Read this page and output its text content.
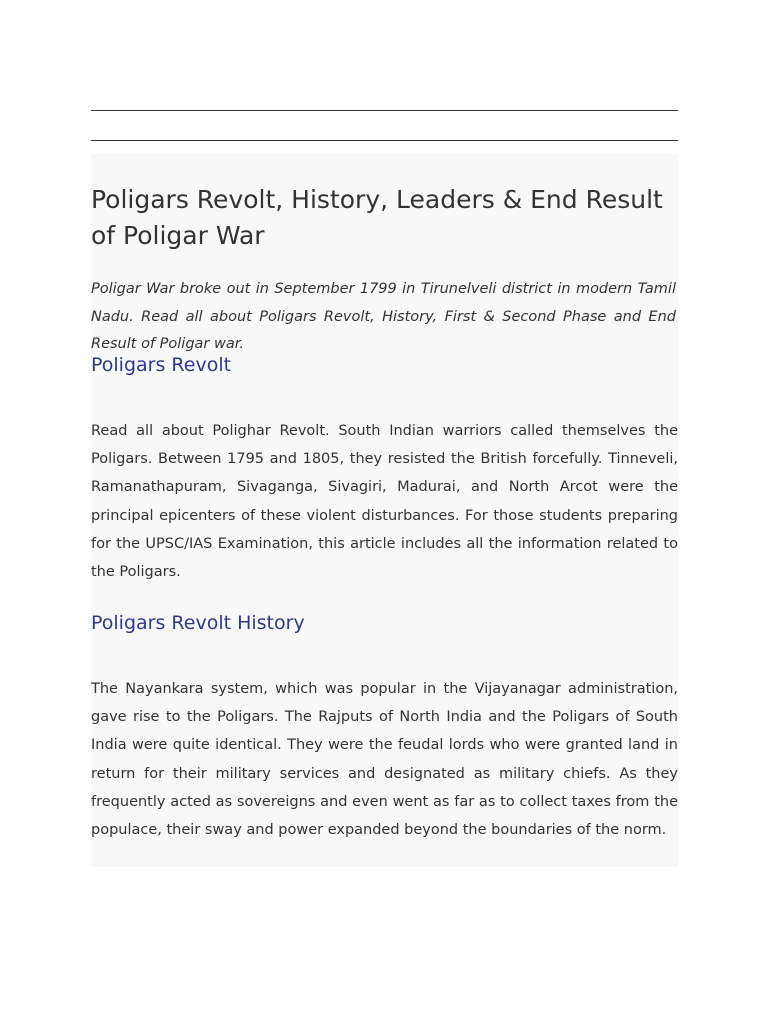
Poligars Revolt, History, Leaders & End Result of Poligar War

Poligar War broke out in September 1799 in Tirunelveli district in modern Tamil Nadu. Read all about Poligars Revolt, History, First & Second Phase and End Result of Poligar war.

Poligars Revolt

Read all about Polighar Revolt. South Indian warriors called themselves the Poligars. Between 1795 and 1805, they resisted the British forcefully. Tinneveli, Ramanathapuram, Sivaganga, Sivagiri, Madurai, and North Arcot were the principal epicenters of these violent disturbances. For those students preparing for the UPSC/IAS Examination, this article includes all the information related to the Poligars.

Poligars Revolt History

The Nayankara system, which was popular in the Vijayanagar administration, gave rise to the Poligars. The Rajputs of North India and the Poligars of South India were quite identical. They were the feudal lords who were granted land in return for their military services and designated as military chiefs. As they frequently acted as sovereigns and even went as far as to collect taxes from the populace, their sway and power expanded beyond the boundaries of the norm.
